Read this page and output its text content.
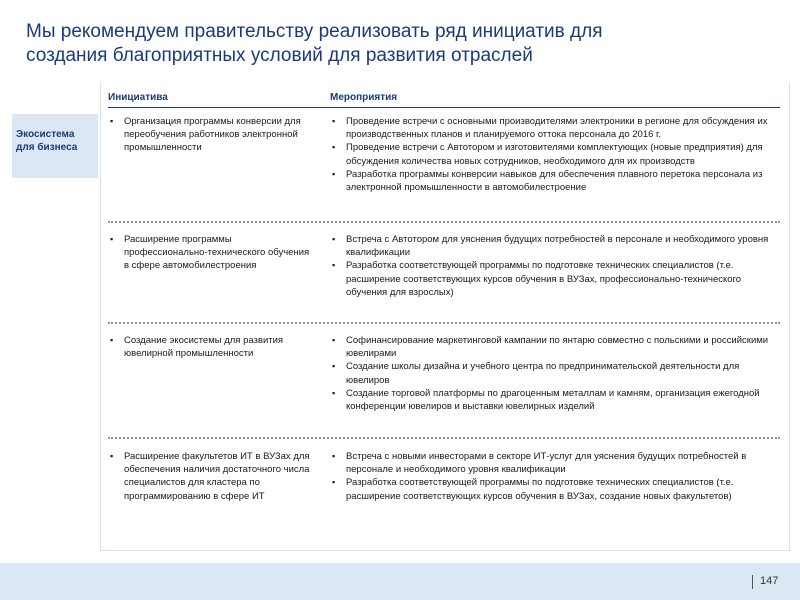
Мы рекомендуем правительству реализовать ряд инициатив для
создания благоприятных условий для развития отраслей
Экосистема
для бизнеса
Инициатива	Мероприятия
▪ Организация программы конверсии для переобучения работников электронной промышленности
▪ Проведение встречи с основными производителями электроники в регионе для обсуждения их производственных планов и планируемого оттока персонала до 2016 г.
▪ Проведение встречи с Автотором и изготовителями комплектующих (новые предприятия) для обсуждения количества новых сотрудников, необходимого для их производств
▪ Разработка программы конверсии навыков для обеспечения плавного перетока персонала из электронной промышленности в автомобилестроение
▪ Расширение программы профессионально-технического обучения в сфере автомобилестроения
▪ Встреча с Автотором для уяснения будущих потребностей в персонале и необходимого уровня квалификации
▪ Разработка соответствующей программы по подготовке технических специалистов (т.е. расширение соответствующих курсов обучения в ВУЗах, профессионально-технического обучения для взрослых)
▪ Создание экосистемы для развития ювелирной промышленности
▪ Софинансирование маркетинговой кампании по янтарю совместно с польскими и российскими ювелирами
▪ Создание школы дизайна и учебного центра по предпринимательской деятельности для ювелиров
▪ Создание торговой платформы по драгоценным металлам и камням, организация ежегодной конференции ювелиров и выставки ювелирных изделий
▪ Расширение факультетов ИТ в ВУЗах для обеспечения наличия достаточного числа специалистов для кластера по программированию в сфере ИТ
▪ Встреча с новыми инвесторами в секторе ИТ-услуг для уяснения будущих потребностей в персонале и необходимого уровня квалификации
▪ Разработка соответствующей программы по подготовке технических специалистов (т.е. расширение соответствующих курсов обучения в ВУЗах, создание новых факультетов)
147
